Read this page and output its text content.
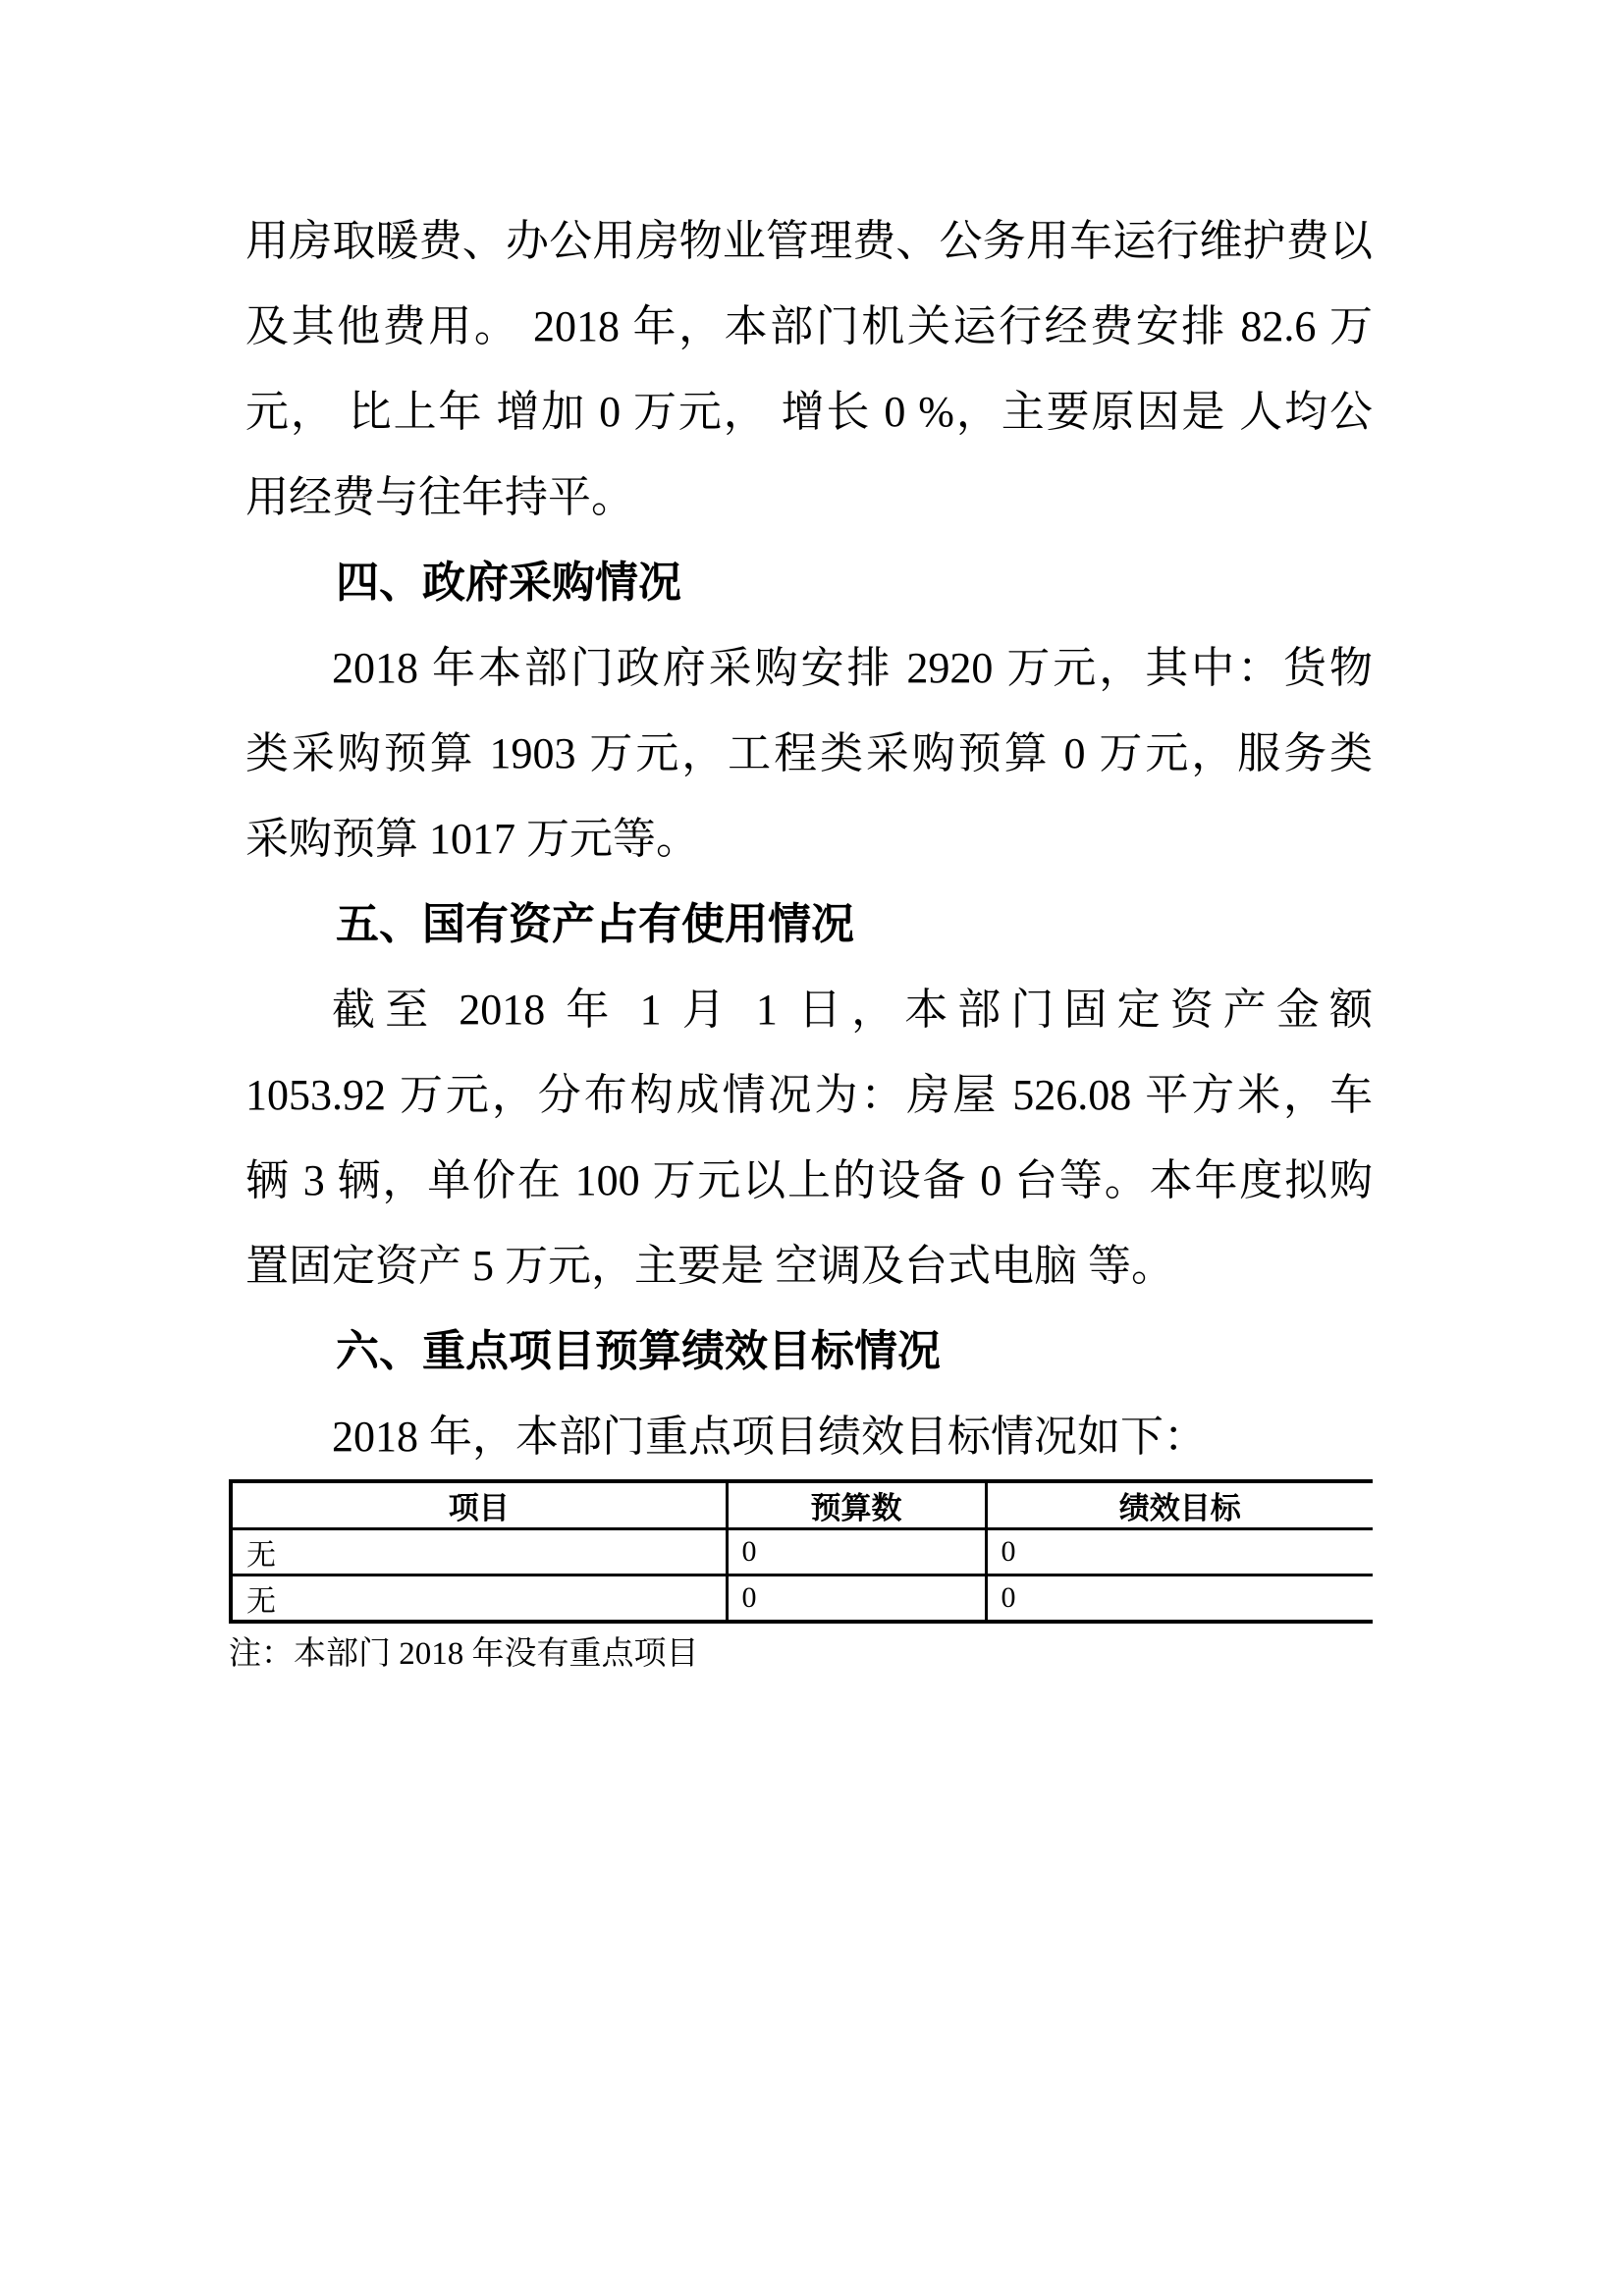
用房取暖费、办公用房物业管理费、公务用车运行维护费以
及其他费用。 2018 年，本部门机关运行经费安排 82.6 万
元， 比上年 增加 0 万元， 增长 0 %，主要原因是 人均公
用经费与往年持平。
四、政府采购情况
2018 年本部门政府采购安排 2920 万元，其中：货物
类采购预算 1903 万元，工程类采购预算 0 万元，服务类
采购预算 1017 万元等。
五、国有资产占有使用情况
截至 2018 年 1 月 1 日，本部门固定资产金额
1053.92 万元，分布构成情况为：房屋 526.08 平方米，车
辆 3 辆，单价在 100 万元以上的设备 0 台等。本年度拟购
置固定资产 5 万元，主要是 空调及台式电脑 等。
六、重点项目预算绩效目标情况
2018 年，本部门重点项目绩效目标情况如下：
项目	预算数	绩效目标
无	0	0
无	0	0
注：本部门 2018 年没有重点项目
